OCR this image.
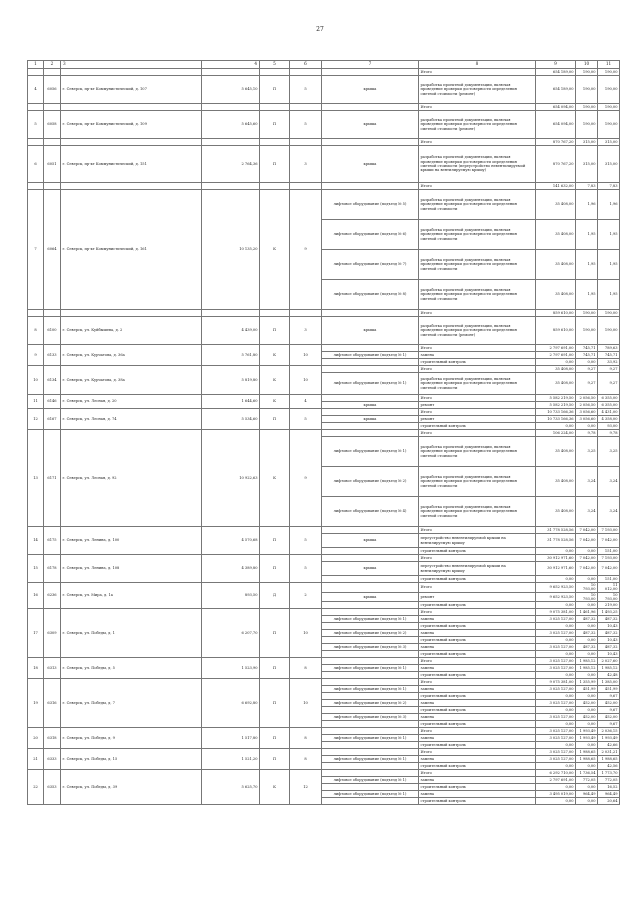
27
1	2	3	4	5	6	7	8	9	10	11
							Итого	654 189,00	190,00	190,00
4	6056	г. Северск, пр-кт Коммунистический, д. 107	5 645,10	П	5	крыша	разработка проектной документации, включая проведение проверки достоверности определения сметной стоимости (ремонт)	654 189,00	190,00	190,00
							Итого	654 094,00	190,00	190,00
5	6058	г. Северск, пр-кт Коммунистический, д. 109	5 645,60	П	5	крыша	разработка проектной документации, включая проведение проверки достоверности определения сметной стоимости (ремонт)	654 094,00	190,00	190,00
							Итого	870 767,20	315,00	315,00
6	6051	г. Северск, пр-кт Коммунистический, д. 151	2 764,36	П	3	крыша	разработка проектной документации, включая проведение проверки достоверности определения сметной стоимости (переустройство невентилируемой крыши на вентилируемую крышу)	870 767,20	315,00	315,00
							Итого	141 632,00	7,83	7,83
7	6064	г. Северск, пр-кт Коммунистический, д. 161	10 135,20	К	9	лифтовое оборудование (подъезд № 5)	разработка проектной документации, включая проведение проверки достоверности определения сметной стоимости	35 408,00	1,96	1,96
						лифтовое оборудование (подъезд № 6)	разработка проектной документации, включая проведение проверки достоверности определения сметной стоимости	35 408,00	1,95	1,95
						лифтовое оборудование (подъезд № 7)	разработка проектной документации, включая проведение проверки достоверности определения сметной стоимости	35 408,00	1,95	1,95
						лифтовое оборудование (подъезд № 8)	разработка проектной документации, включая проведение проверки достоверности определения сметной стоимости	35 408,00	1,95	1,95
							Итого	859 610,00	190,00	190,00
8	6100	г. Северск, ул. Куйбышева, д. 2	4 439,00	П	3	крыша	разработка проектной документации, включая проведение проверки достоверности определения сметной стоимости (ремонт)	859 610,00	190,00	190,00
9	6133	г. Северск, ул. Курчатова, д. 36а	5 761,80	К	10		Итого	2 797 691,00	745,71	789,63
						лифтовое оборудование (подъезд № 1)	замена	2 797 691,00	745,71	745,71
							строительный контроль	0,00	0,00	33,92
10	6134	г. Северск, ул. Курчатова, д. 38а	5 819,80	К	10		Итого	35 408,00	9,27	9,27
						лифтовое оборудование (подъезд № 1)	разработка проектной документации, включая проведение проверки достоверности определения сметной стоимости	35 408,00	9,27	9,27
11	6146	г. Северск, ул. Лесная, д. 20	1 644,60	К	4		Итого	5 582 219,50	2 056,50	6 355,00
						крыша	ремонт	5 582 219,50	2 056,50	6 355,00
12	6167	г. Северск, ул. Лесная, д. 74	5 534,60	П	5		Итого	10 733 166,36	3 056,60	4 431,00
						крыша	ремонт	10 733 166,36	3 056,60	4 358,00
							строительный контроль	0,00	0,00	93,00
13	6171	г. Северск, ул. Лесная, д. 92	10 922,63	К	9		Итого	106 224,00	9,78	9,78
						лифтовое оборудование (подъезд № 1)	разработка проектной документации, включая проведение проверки достоверности определения сметной стоимости	35 408,00	3,25	3,25
						лифтовое оборудование (подъезд № 2)	разработка проектной документации, включая проведение проверки достоверности определения сметной стоимости	35 408,00	3,24	3,24
						лифтовое оборудование (подъезд № 4)	разработка проектной документации, включая проведение проверки достоверности определения сметной стоимости	35 408,00	3,24	3,24
14	6175	г. Северск, ул. Ленина, д. 100	4 570,68	П	5		Итого	31 778 528,56	7 042,00	7 193,00
						крыша	переустройство невентилируемой крыши на вентилируемую крышу	31 778 528,56	7 042,00	7 042,00
							строительный контроль	0,00	0,00	151,00
15	6178	г. Северск, ул. Ленина, д. 108	4 389,80	П	5		Итого	30 912 971,60	7 042,00	7 193,00
						крыша	переустройство невентилируемой крыши на вентилируемую крышу	30 912 971,60	7 042,00	7 042,00
							строительный контроль	0,00	0,00	151,00
16	6236	г. Северск, ул. Мира, д. 1а	893,50	Д	2		Итого	9 652 923,50	10 793,00	11 012,00
						крыша	ремонт	9 652 923,50	10 793,00	10 793,00
							строительный контроль	0,00	0,00	219,00
17	6309	г. Северск, ул. Победы, д. 1	6 207,70	П	10		Итого	9 075 381,00	1 461,96	1 493,25
						лифтовое оборудование (подъезд № 1)	замена	3 025 127,00	487,32	487,32
							строительный контроль	0,00	0,00	10,43
						лифтовое оборудование (подъезд № 2)	замена	3 025 127,00	487,32	487,32
							строительный контроль	0,00	0,00	10,43
						лифтовое оборудование (подъезд № 3)	замена	3 025 127,00	487,32	487,32
							строительный контроль	0,00	0,00	10,43
18	6313	г. Северск, ул. Победы, д. 5	1 523,90	П	8		Итого	3 025 127,00	1 985,12	2 027,60
						лифтовое оборудование (подъезд № 1)	замена	3 025 127,00	1 985,12	1 985,12
							строительный контроль	0,00	0,00	42,48
19	6316	г. Северск, ул. Победы, д. 7	6 692,80	П	10		Итого	9 075 381,00	1 355,99	1 385,00
						лифтовое оборудование (подъезд № 1)	замена	3 025 127,00	451,99	451,99
							строительный контроль	0,00	0,00	9,67
						лифтовое оборудование (подъезд № 2)	замена	3 025 127,00	452,00	452,00
							строительный контроль	0,00	0,00	9,67
						лифтовое оборудование (подъезд № 3)	замена	3 025 127,00	452,00	452,00
							строительный контроль	0,00	0,00	9,67
20	6318	г. Северск, ул. Победы, д. 9	1 517,80	П	8		Итого	3 025 127,00	1 993,49	2 036,15
						лифтовое оборудование (подъезд № 1)	замена	3 025 127,00	1 993,49	1 993,49
							строительный контроль	0,00	0,00	42,66
21	6333	г. Северск, ул. Победы, д. 15	1 521,20	П	8		Итого	3 025 127,00	1 988,65	2 031,21
						лифтовое оборудование (подъезд № 1)	замена	3 025 127,00	1 988,65	1 988,65
							строительный контроль	0,00	0,00	42,56
22	6353	г. Северск, ул. Победы, д. 39	5 625,70	К	12		Итого	6 292 710,00	1 736,54	1 773,70
						лифтовое оборудование (подъезд № 1)	замена	2 797 691,00	772,05	772,05
							строительный контроль	0,00	0,00	16,52
						лифтовое оборудование (подъезд № 1)	замена	3 495 019,00	964,49	964,49
							строительный контроль	0,00	0,00	20,64
